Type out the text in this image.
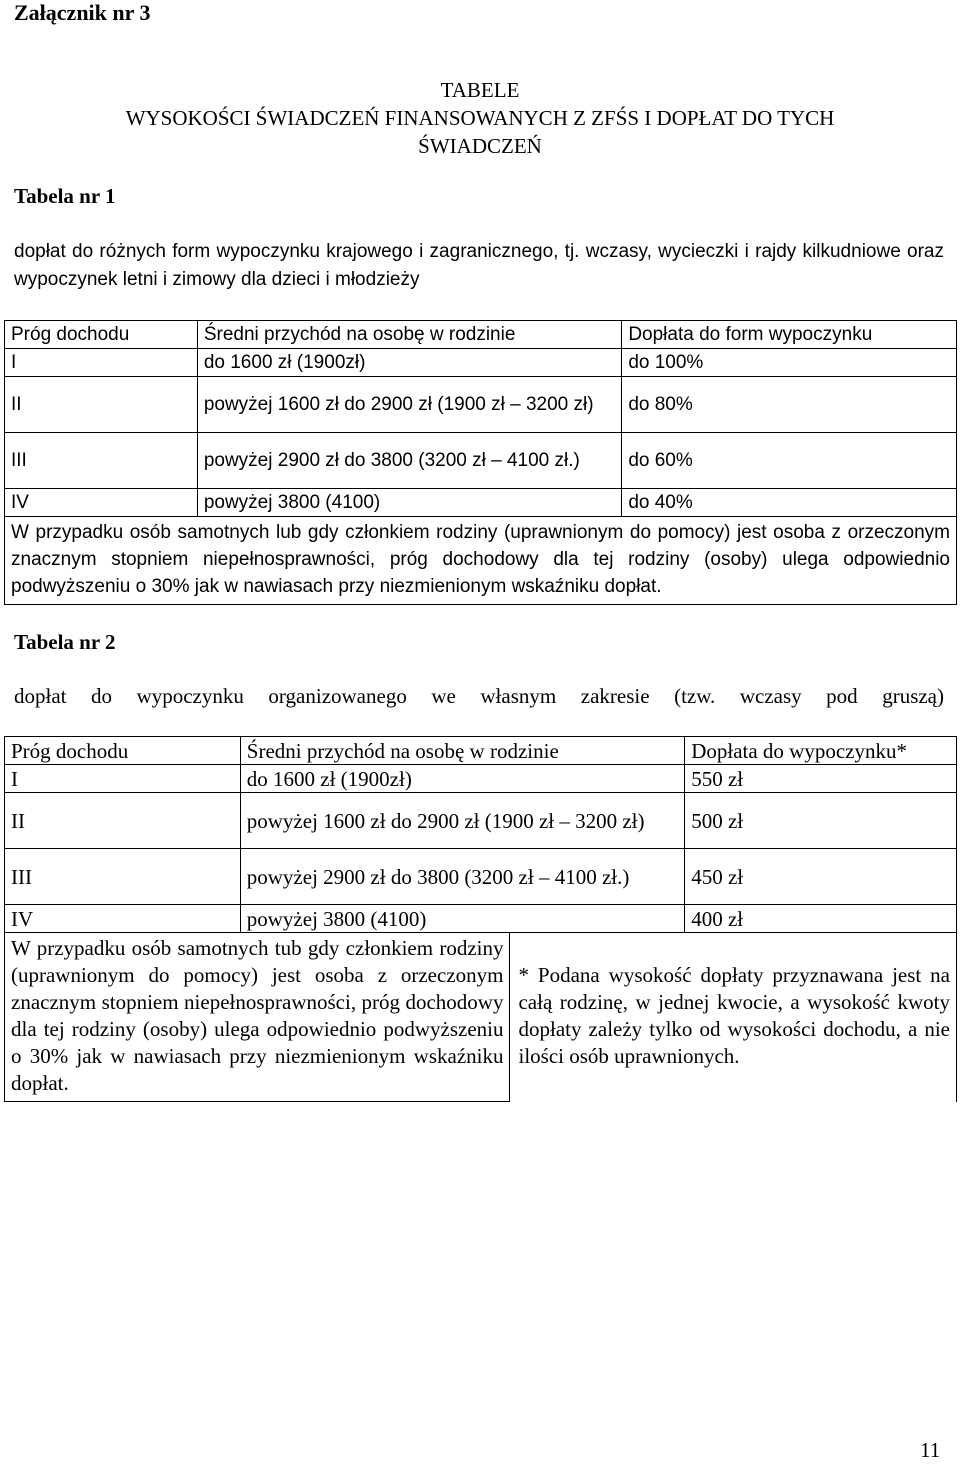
Załącznik nr 3
TABELE
WYSOKOŚCI ŚWIADCZEŃ FINANSOWANYCH Z ZFŚS I DOPŁAT DO TYCH
ŚWIADCZEŃ
Tabela nr 1
dopłat do różnych form wypoczynku krajowego i zagranicznego, tj. wczasy, wycieczki i rajdy kilkudniowe oraz wypoczynek letni i zimowy dla dzieci i młodzieży
Próg dochodu	Średni przychód na osobę w rodzinie	Dopłata do form wypoczynku
I	do 1600 zł (1900zł)	do 100%
II	powyżej 1600 zł do 2900 zł (1900 zł – 3200 zł)	do 80%
III	powyżej 2900 zł do 3800 (3200 zł – 4100 zł.)	do 60%
IV	powyżej 3800 (4100)	do 40%
W przypadku osób samotnych lub gdy członkiem rodziny (uprawnionym do pomocy) jest osoba z orzeczonym znacznym stopniem niepełnosprawności, próg dochodowy dla tej rodziny (osoby) ulega odpowiednio podwyższeniu o 30% jak w nawiasach przy niezmienionym wskaźniku dopłat.		
Tabela nr 2
dopłat do wypoczynku organizowanego we własnym zakresie (tzw. wczasy pod gruszą)
Próg dochodu	Średni przychód na osobę w rodzinie	Dopłata do wypoczynku*
I	do 1600 zł (1900zł)	550 zł
II	powyżej 1600 zł do 2900 zł (1900 zł – 3200 zł)	500 zł
III	powyżej 2900 zł do 3800 (3200 zł – 4100 zł.)	450 zł
IV	powyżej 3800 (4100)	400 zł
W przypadku osób samotnych tub gdy członkiem rodziny (uprawnionym do pomocy) jest osoba z orzeczonym znacznym stopniem niepełnosprawności, próg dochodowy dla tej rodziny (osoby) ulega odpowiednio podwyższeniu o 30% jak w nawiasach przy niezmienionym wskaźniku dopłat.	* Podana wysokość dopłaty przyznawana jest na całą rodzinę, w jednej kwocie, a wysokość kwoty dopłaty zależy tylko od wysokości dochodu, a nie ilości osób uprawnionych.
11
